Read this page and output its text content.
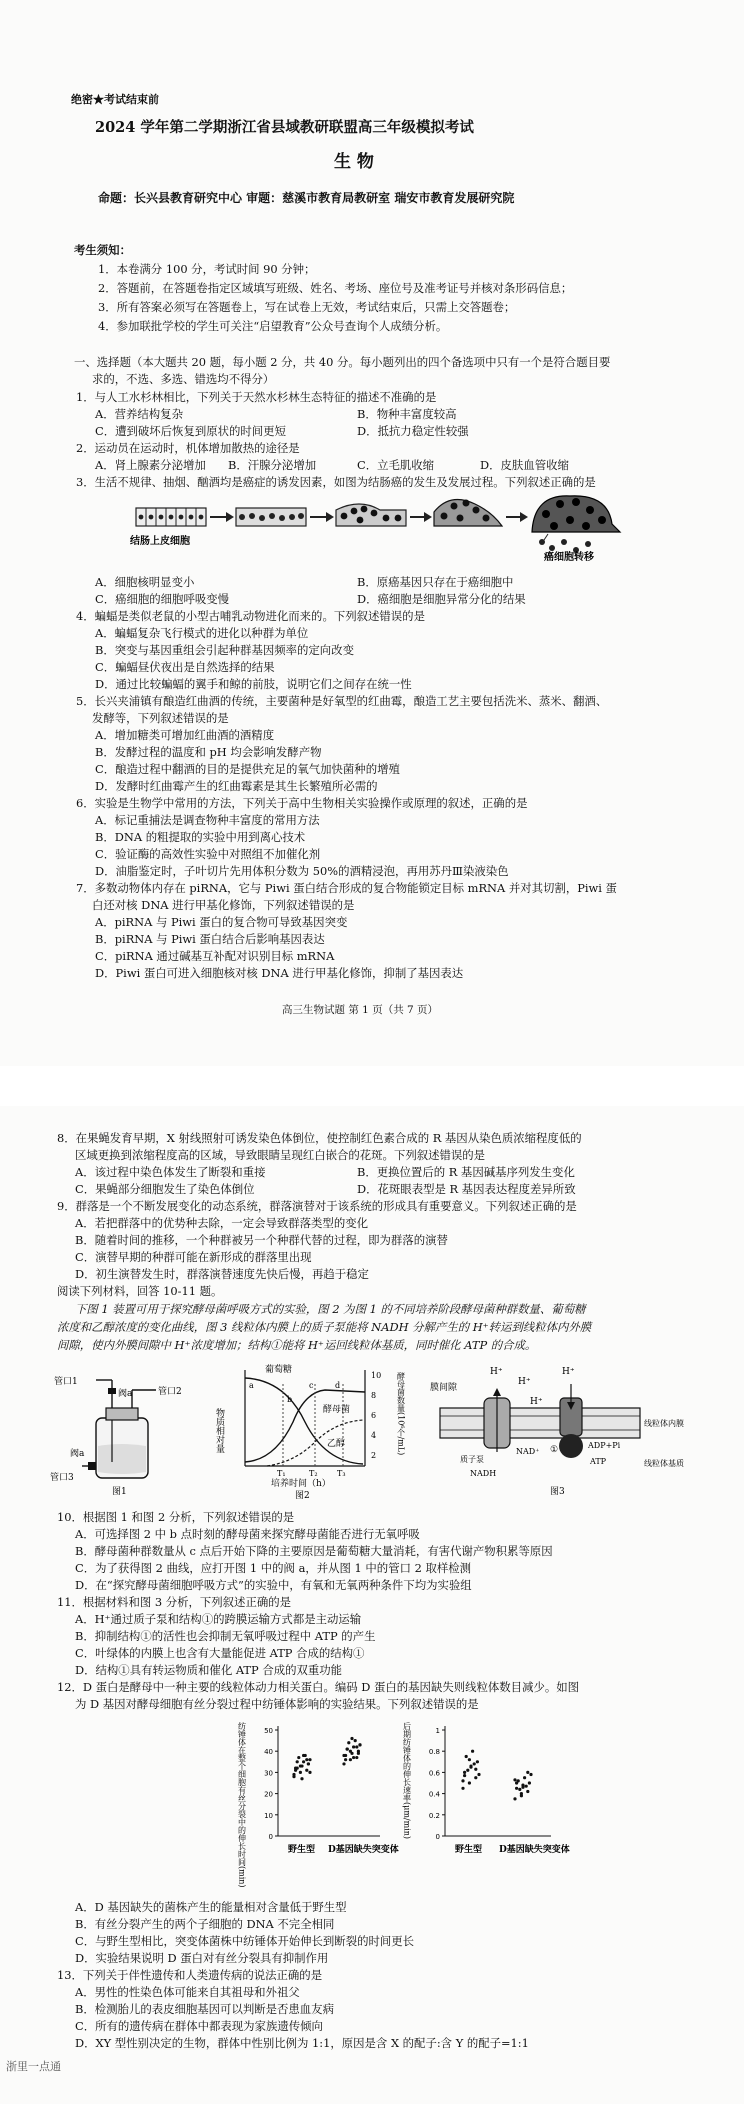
绝密★考试结束前
2024 学年第二学期浙江省县域教研联盟高三年级模拟考试
生 物
命题：长兴县教育研究中心 审题：慈溪市教育局教研室 瑞安市教育发展研究院
考生须知：
1．本卷满分 100 分，考试时间 90 分钟；
2．答题前，在答题卷指定区域填写班级、姓名、考场、座位号及准考证号并核对条形码信息；
3．所有答案必须写在答题卷上，写在试卷上无效，考试结束后，只需上交答题卷；
4．参加联批学校的学生可关注“启望教育”公众号查询个人成绩分析。
一、选择题（本大题共 20 题，每小题 2 分，共 40 分。每小题列出的四个备选项中只有一个是符合题目要
求的，不选、多选、错选均不得分）
1．与人工水杉林相比，下列关于天然水杉林生态特征的描述不准确的是
A．营养结构复杂	B．物种丰富度较高
C．遭到破坏后恢复到原状的时间更短	D．抵抗力稳定性较强
2．运动员在运动时，机体增加散热的途径是
A．肾上腺素分泌增加 B．汗腺分泌增加	C．立毛肌收缩	D．皮肤血管收缩
3．生活不规律、抽烟、酗酒均是癌症的诱发因素，如图为结肠癌的发生及发展过程。下列叙述正确的是
结肠上皮细胞
癌细胞转移
A．细胞核明显变小	B．原癌基因只存在于癌细胞中
C．癌细胞的细胞呼吸变慢	D．癌细胞是细胞异常分化的结果
4．蝙蝠是类似老鼠的小型古哺乳动物进化而来的。下列叙述错误的是
A．蝙蝠复杂飞行模式的进化以种群为单位
B．突变与基因重组会引起种群基因频率的定向改变
C．蝙蝠昼伏夜出是自然选择的结果
D．通过比较蝙蝠的翼手和鲸的前肢，说明它们之间存在统一性
5．长兴夹浦镇有酿造红曲酒的传统，主要菌种是好氧型的红曲霉，酿造工艺主要包括洗米、蒸米、翻酒、
发酵等，下列叙述错误的是
A．增加糖类可增加红曲酒的酒精度
B．发酵过程的温度和 pH 均会影响发酵产物
C．酿造过程中翻酒的目的是提供充足的氧气加快菌种的增殖
D．发酵时红曲霉产生的红曲霉素是其生长繁殖所必需的
6．实验是生物学中常用的方法，下列关于高中生物相关实验操作或原理的叙述，正确的是
A．标记重捕法是调查物种丰富度的常用方法
B．DNA 的粗提取的实验中用到离心技术
C．验证酶的高效性实验中对照组不加催化剂
D．油脂鉴定时，子叶切片先用体积分数为 50%的酒精浸泡，再用苏丹Ⅲ染液染色
7．多数动物体内存在 piRNA，它与 Piwi 蛋白结合形成的复合物能锁定目标 mRNA 并对其切割，Piwi 蛋
白还对核 DNA 进行甲基化修饰，下列叙述错误的是
A．piRNA 与 Piwi 蛋白的复合物可导致基因突变
B．piRNA 与 Piwi 蛋白结合后影响基因表达
C．piRNA 通过碱基互补配对识别目标 mRNA
D．Piwi 蛋白可进入细胞核对核 DNA 进行甲基化修饰，抑制了基因表达
高三生物试题 第 1 页（共 7 页）
8．在果蝇发育早期，X 射线照射可诱发染色体倒位，使控制红色素合成的 R 基因从染色质浓缩程度低的
区域更换到浓缩程度高的区域，导致眼睛呈现红白嵌合的花斑。下列叙述错误的是
A．该过程中染色体发生了断裂和重接	B．更换位置后的 R 基因碱基序列发生变化
C．果蝇部分细胞发生了染色体倒位	D．花斑眼表型是 R 基因表达程度差异所致
9．群落是一个不断发展变化的动态系统，群落演替对于该系统的形成具有重要意义。下列叙述正确的是
A．若把群落中的优势种去除，一定会导致群落类型的变化
B．随着时间的推移，一个种群被另一个种群代替的过程，即为群落的演替
C．演替早期的种群可能在新形成的群落里出现
D．初生演替发生时，群落演替速度先快后慢，再趋于稳定
阅读下列材料，回答 10-11 题。
下图 1 装置可用于探究酵母菌呼吸方式的实验，图 2 为图 1 的不同培养阶段酵母菌种群数量、葡萄糖
浓度和乙醇浓度的变化曲线，图 3 线粒体内膜上的质子泵能将 NADH 分解产生的 H⁺转运到线粒体内外膜
间隙，使内外膜间隙中 H⁺浓度增加；结构①能将 H⁺运回线粒体基质，同时催化 ATP 的合成。
管口1
管口2
阀a
阀a
管口3
图1
物质相对量	酵母菌数量(10⁶个/mL)
10
8
6
4
2
葡萄糖
酵母菌
乙醇
a
b
c	d
T₁	T₂ T₃
培养时间（h）
图2
H⁺
H⁺
H⁺
H⁺
膜间隙
线粒体内膜
线粒体基质
质子泵
NAD⁺
NADH
①	ADP+Pi
ATP
图3
10．根据图 1 和图 2 分析，下列叙述错误的是
A．可选择图 2 中 b 点时刻的酵母菌来探究酵母菌能否进行无氧呼吸
B．酵母菌种群数量从 c 点后开始下降的主要原因是葡萄糖大量消耗，有害代谢产物积累等原因
C．为了获得图 2 曲线，应打开图 1 中的阀 a，并从图 1 中的管口 2 取样检测
D．在“探究酵母菌细胞呼吸方式”的实验中，有氧和无氧两种条件下均为实验组
11．根据材料和图 3 分析，下列叙述正确的是
A．H⁺通过质子泵和结构①的跨膜运输方式都是主动运输
B．抑制结构①的活性也会抑制无氧呼吸过程中 ATP 的产生
C．叶绿体的内膜上也含有大量能促进 ATP 合成的结构①
D．结构①具有转运物质和催化 ATP 合成的双重功能
12．D 蛋白是酵母中一种主要的线粒体动力相关蛋白。编码 D 蛋白的基因缺失则线粒体数目减少。如图
为 D 基因对酵母细胞有丝分裂过程中纺锤体影响的实验结果。下列叙述错误的是
0
10
20
30
40
50
纺锤体在整个细胞有丝分裂中的伸长时间(min)	野生型 D基因缺失突变体
0
0.2
0.4
0.6
0.8
1
后期纺锤体的伸长速率(μm/min)
野生型 D基因缺失突变体
A．D 基因缺失的菌株产生的能量相对含量低于野生型
B．有丝分裂产生的两个子细胞的 DNA 不完全相同
C．与野生型相比，突变体菌株中纺锤体开始伸长到断裂的时间更长
D．实验结果说明 D 蛋白对有丝分裂具有抑制作用
13．下列关于伴性遗传和人类遗传病的说法正确的是
A．男性的性染色体可能来自其祖母和外祖父
B．检测胎儿的表皮细胞基因可以判断是否患血友病
C．所有的遗传病在群体中都表现为家族遗传倾向
D．XY 型性别决定的生物，群体中性别比例为 1:1，原因是含 X 的配子:含 Y 的配子=1:1
浙里一点通
